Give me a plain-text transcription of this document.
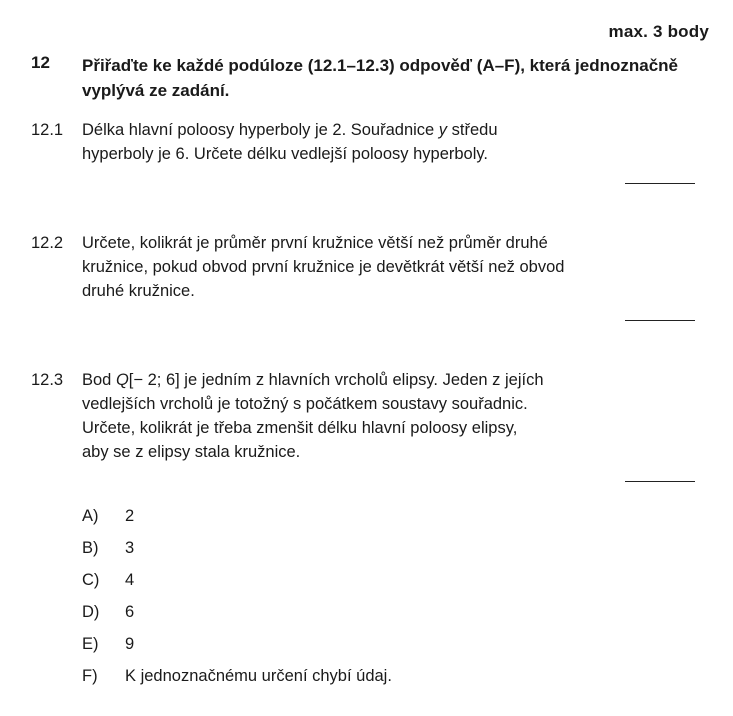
max. 3 body
12 Přiřaďte ke každé podúloze (12.1–12.3) odpověď (A–F), která jednoznačně
vyplývá ze zadání.
12.1 Délka hlavní poloosy hyperboly je 2. Souřadnice y středu
hyperboly je 6. Určete délku vedlejší poloosy hyperboly.
12.2 Určete, kolikrát je průměr první kružnice větší než průměr druhé
kružnice, pokud obvod první kružnice je devětkrát větší než obvod
druhé kružnice.
12.3 Bod Q[− 2; 6] je jedním z hlavních vrcholů elipsy. Jeden z jejích
vedlejších vrcholů je totožný s počátkem soustavy souřadnic.
Určete, kolikrát je třeba zmenšit délku hlavní poloosy elipsy,
aby se z elipsy stala kružnice.
A) 2
B) 3
C) 4
D) 6
E) 9
F) K jednoznačnému určení chybí údaj.
